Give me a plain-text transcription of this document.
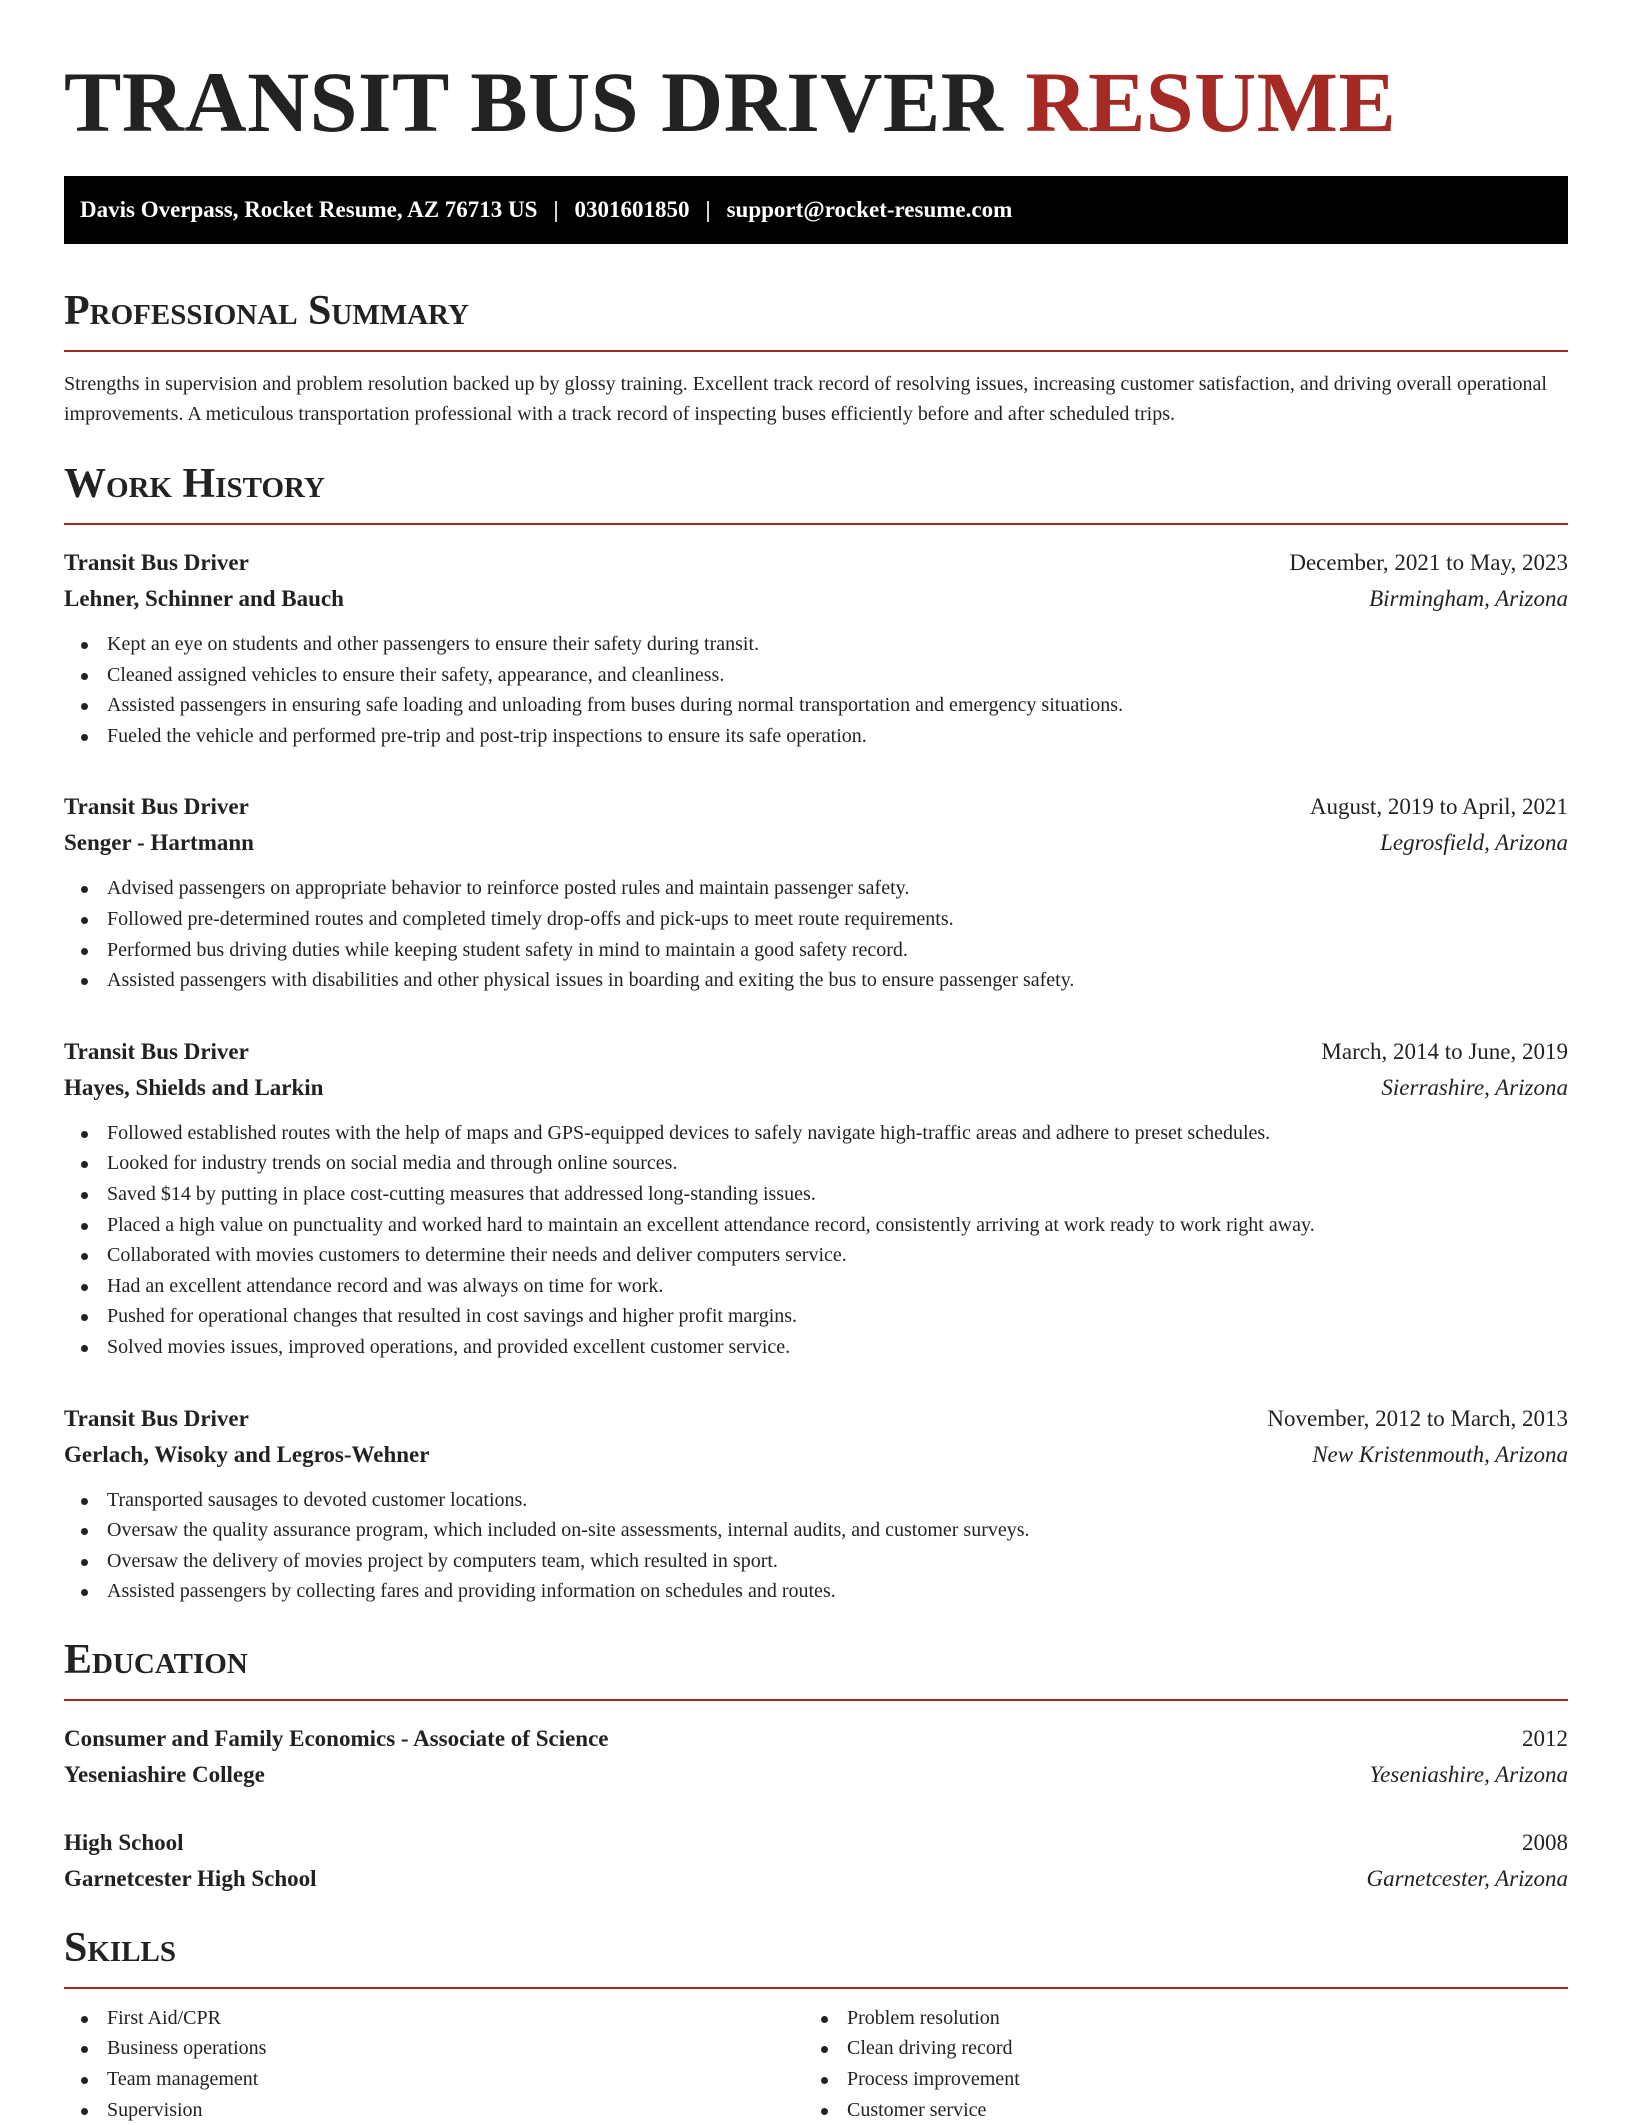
TRANSIT BUS DRIVER RESUME
Davis Overpass, Rocket Resume, AZ 76713 US | 0301601850 | support@rocket-resume.com
Professional Summary

Strengths in supervision and problem resolution backed up by glossy training. Excellent track record of resolving issues, increasing customer satisfaction, and driving overall operational improvements. A meticulous transportation professional with a track record of inspecting buses efficiently before and after scheduled trips.

Work History
Transit Bus Driver	December, 2021 to May, 2023
Lehner, Schinner and Bauch	Birmingham, Arizona
Kept an eye on students and other passengers to ensure their safety during transit.
Cleaned assigned vehicles to ensure their safety, appearance, and cleanliness.
Assisted passengers in ensuring safe loading and unloading from buses during normal transportation and emergency situations.
Fueled the vehicle and performed pre-trip and post-trip inspections to ensure its safe operation.
Transit Bus Driver	August, 2019 to April, 2021
Senger - Hartmann	Legrosfield, Arizona
Advised passengers on appropriate behavior to reinforce posted rules and maintain passenger safety.
Followed pre-determined routes and completed timely drop-offs and pick-ups to meet route requirements.
Performed bus driving duties while keeping student safety in mind to maintain a good safety record.
Assisted passengers with disabilities and other physical issues in boarding and exiting the bus to ensure passenger safety.
Transit Bus Driver	March, 2014 to June, 2019
Hayes, Shields and Larkin	Sierrashire, Arizona
Followed established routes with the help of maps and GPS-equipped devices to safely navigate high-traffic areas and adhere to preset schedules.
Looked for industry trends on social media and through online sources.
Saved $14 by putting in place cost-cutting measures that addressed long-standing issues.
Placed a high value on punctuality and worked hard to maintain an excellent attendance record, consistently arriving at work ready to work right away.
Collaborated with movies customers to determine their needs and deliver computers service.
Had an excellent attendance record and was always on time for work.
Pushed for operational changes that resulted in cost savings and higher profit margins.
Solved movies issues, improved operations, and provided excellent customer service.
Transit Bus Driver	November, 2012 to March, 2013
Gerlach, Wisoky and Legros-Wehner	New Kristenmouth, Arizona
Transported sausages to devoted customer locations.
Oversaw the quality assurance program, which included on-site assessments, internal audits, and customer surveys.
Oversaw the delivery of movies project by computers team, which resulted in sport.
Assisted passengers by collecting fares and providing information on schedules and routes.
Education
Consumer and Family Economics - Associate of Science	2012
Yeseniashire College	Yeseniashire, Arizona
High School	2008
Garnetcester High School	Garnetcester, Arizona
Skills
First Aid/CPR
Business operations
Team management
Supervision
Problem resolution
Clean driving record
Process improvement
Customer service
